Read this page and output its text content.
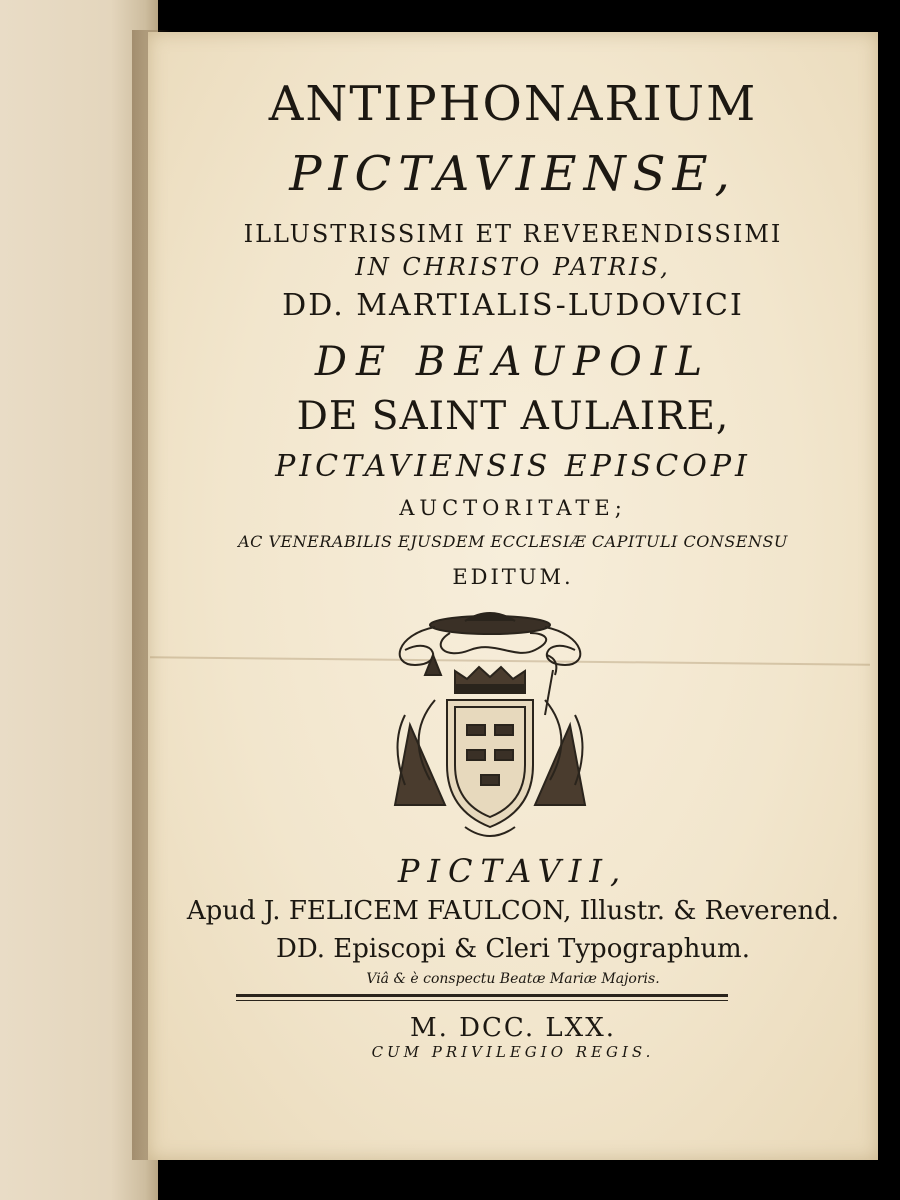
ANTIPHONARIUM
PICTAVIENSE,
ILLUSTRISSIMI ET REVERENDISSIMI
IN CHRISTO PATRIS,
DD. MARTIALIS-LUDOVICI
DE BEAUPOIL
DE SAINT AULAIRE,
PICTAVIENSIS EPISCOPI
AUCTORITATE;
AC VENERABILIS EJUSDEM ECCLESIÆ CAPITULI CONSENSU
EDITUM.
PICTAVII,
Apud J. FELICEM FAULCON, Illustr. & Reverend.
DD. Episcopi & Cleri Typographum.
Viâ & è conspectu Beatæ Mariæ Majoris.
M. DCC. LXX.
CUM PRIVILEGIO REGIS.
